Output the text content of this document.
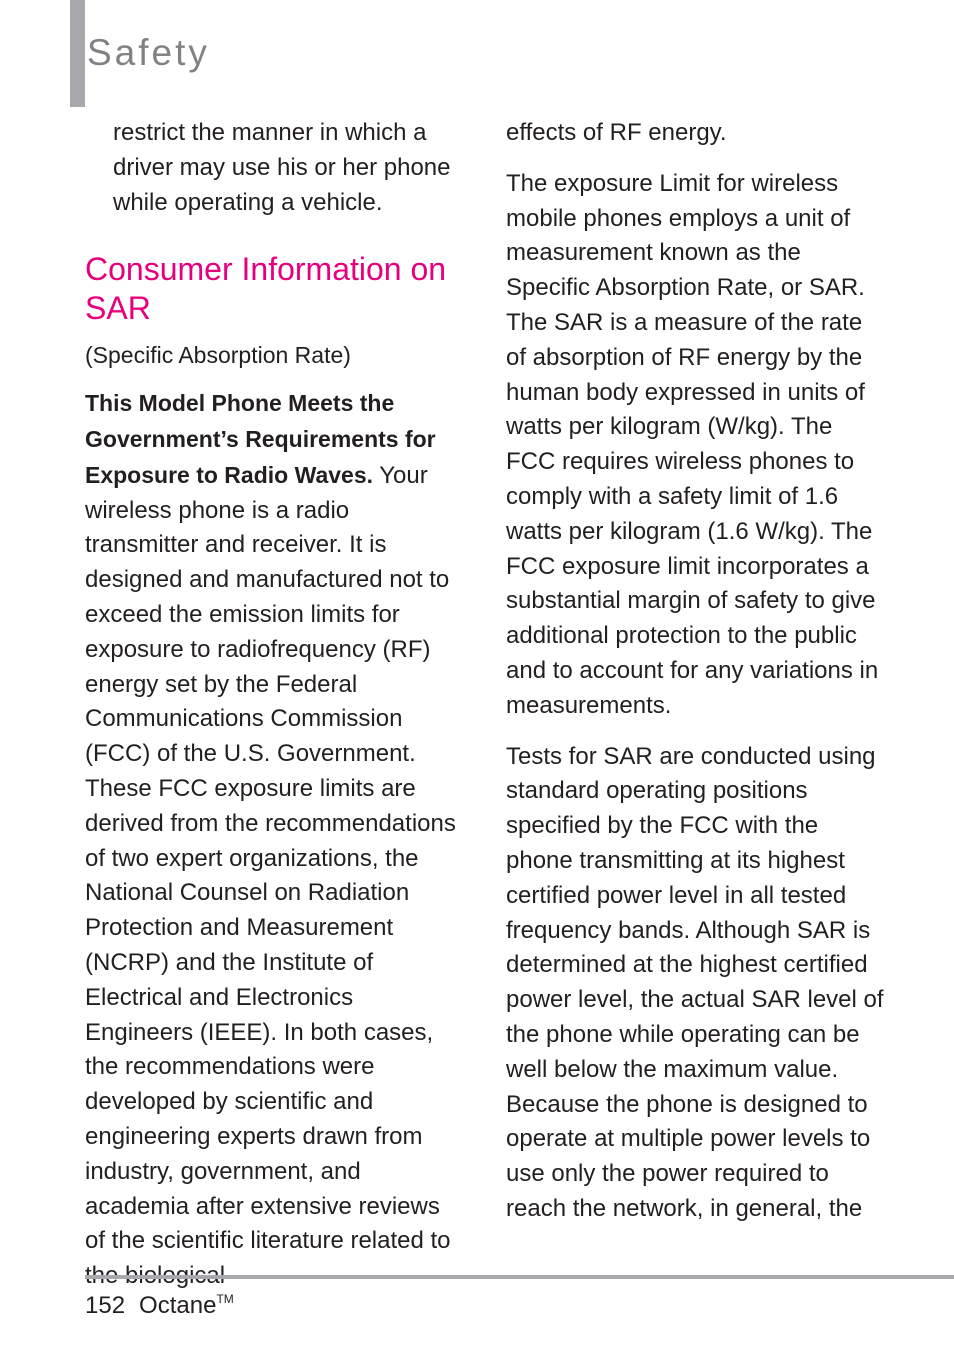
Safety

restrict the manner in which a driver may use his or her phone while operating a vehicle.

Consumer Information on SAR

(Specific Absorption Rate)

This Model Phone Meets the Government’s Requirements for Exposure to Radio Waves. Your wireless phone is a radio transmitter and receiver. It is designed and manufactured not to exceed the emission limits for exposure to radiofrequency (RF) energy set by the Federal Communications Commission (FCC) of the U.S. Government. These FCC exposure limits are derived from the recommendations of two expert organizations, the National Counsel on Radiation Protection and Measurement (NCRP) and the Institute of Electrical and Electronics Engineers (IEEE). In both cases, the recommendations were developed by scientific and engineering experts drawn from industry, government, and academia after extensive reviews of the scientific literature related to

effects of RF energy.

The exposure Limit for wireless mobile phones employs a unit of measurement known as the Specific Absorption Rate, or SAR. The SAR is a measure of the rate of absorption of RF energy by the human body expressed in units of watts per kilogram (W/kg). The FCC requires wireless phones to comply with a safety limit of 1.6 watts per kilogram (1.6 W/kg). The FCC exposure limit incorporates a substantial margin of safety to give additional protection to the public and to account for any variations in measurements.

Tests for SAR are conducted using standard operating positions specified by the FCC with the phone transmitting at its highest certified power level in all tested frequency bands. Although SAR is determined at the highest certified power level, the actual SAR level of the phone while operating can be well below the maximum value. Because the phone is designed to operate at multiple power levels to use only the power required to reach the network, in general, the

152 Octane™
